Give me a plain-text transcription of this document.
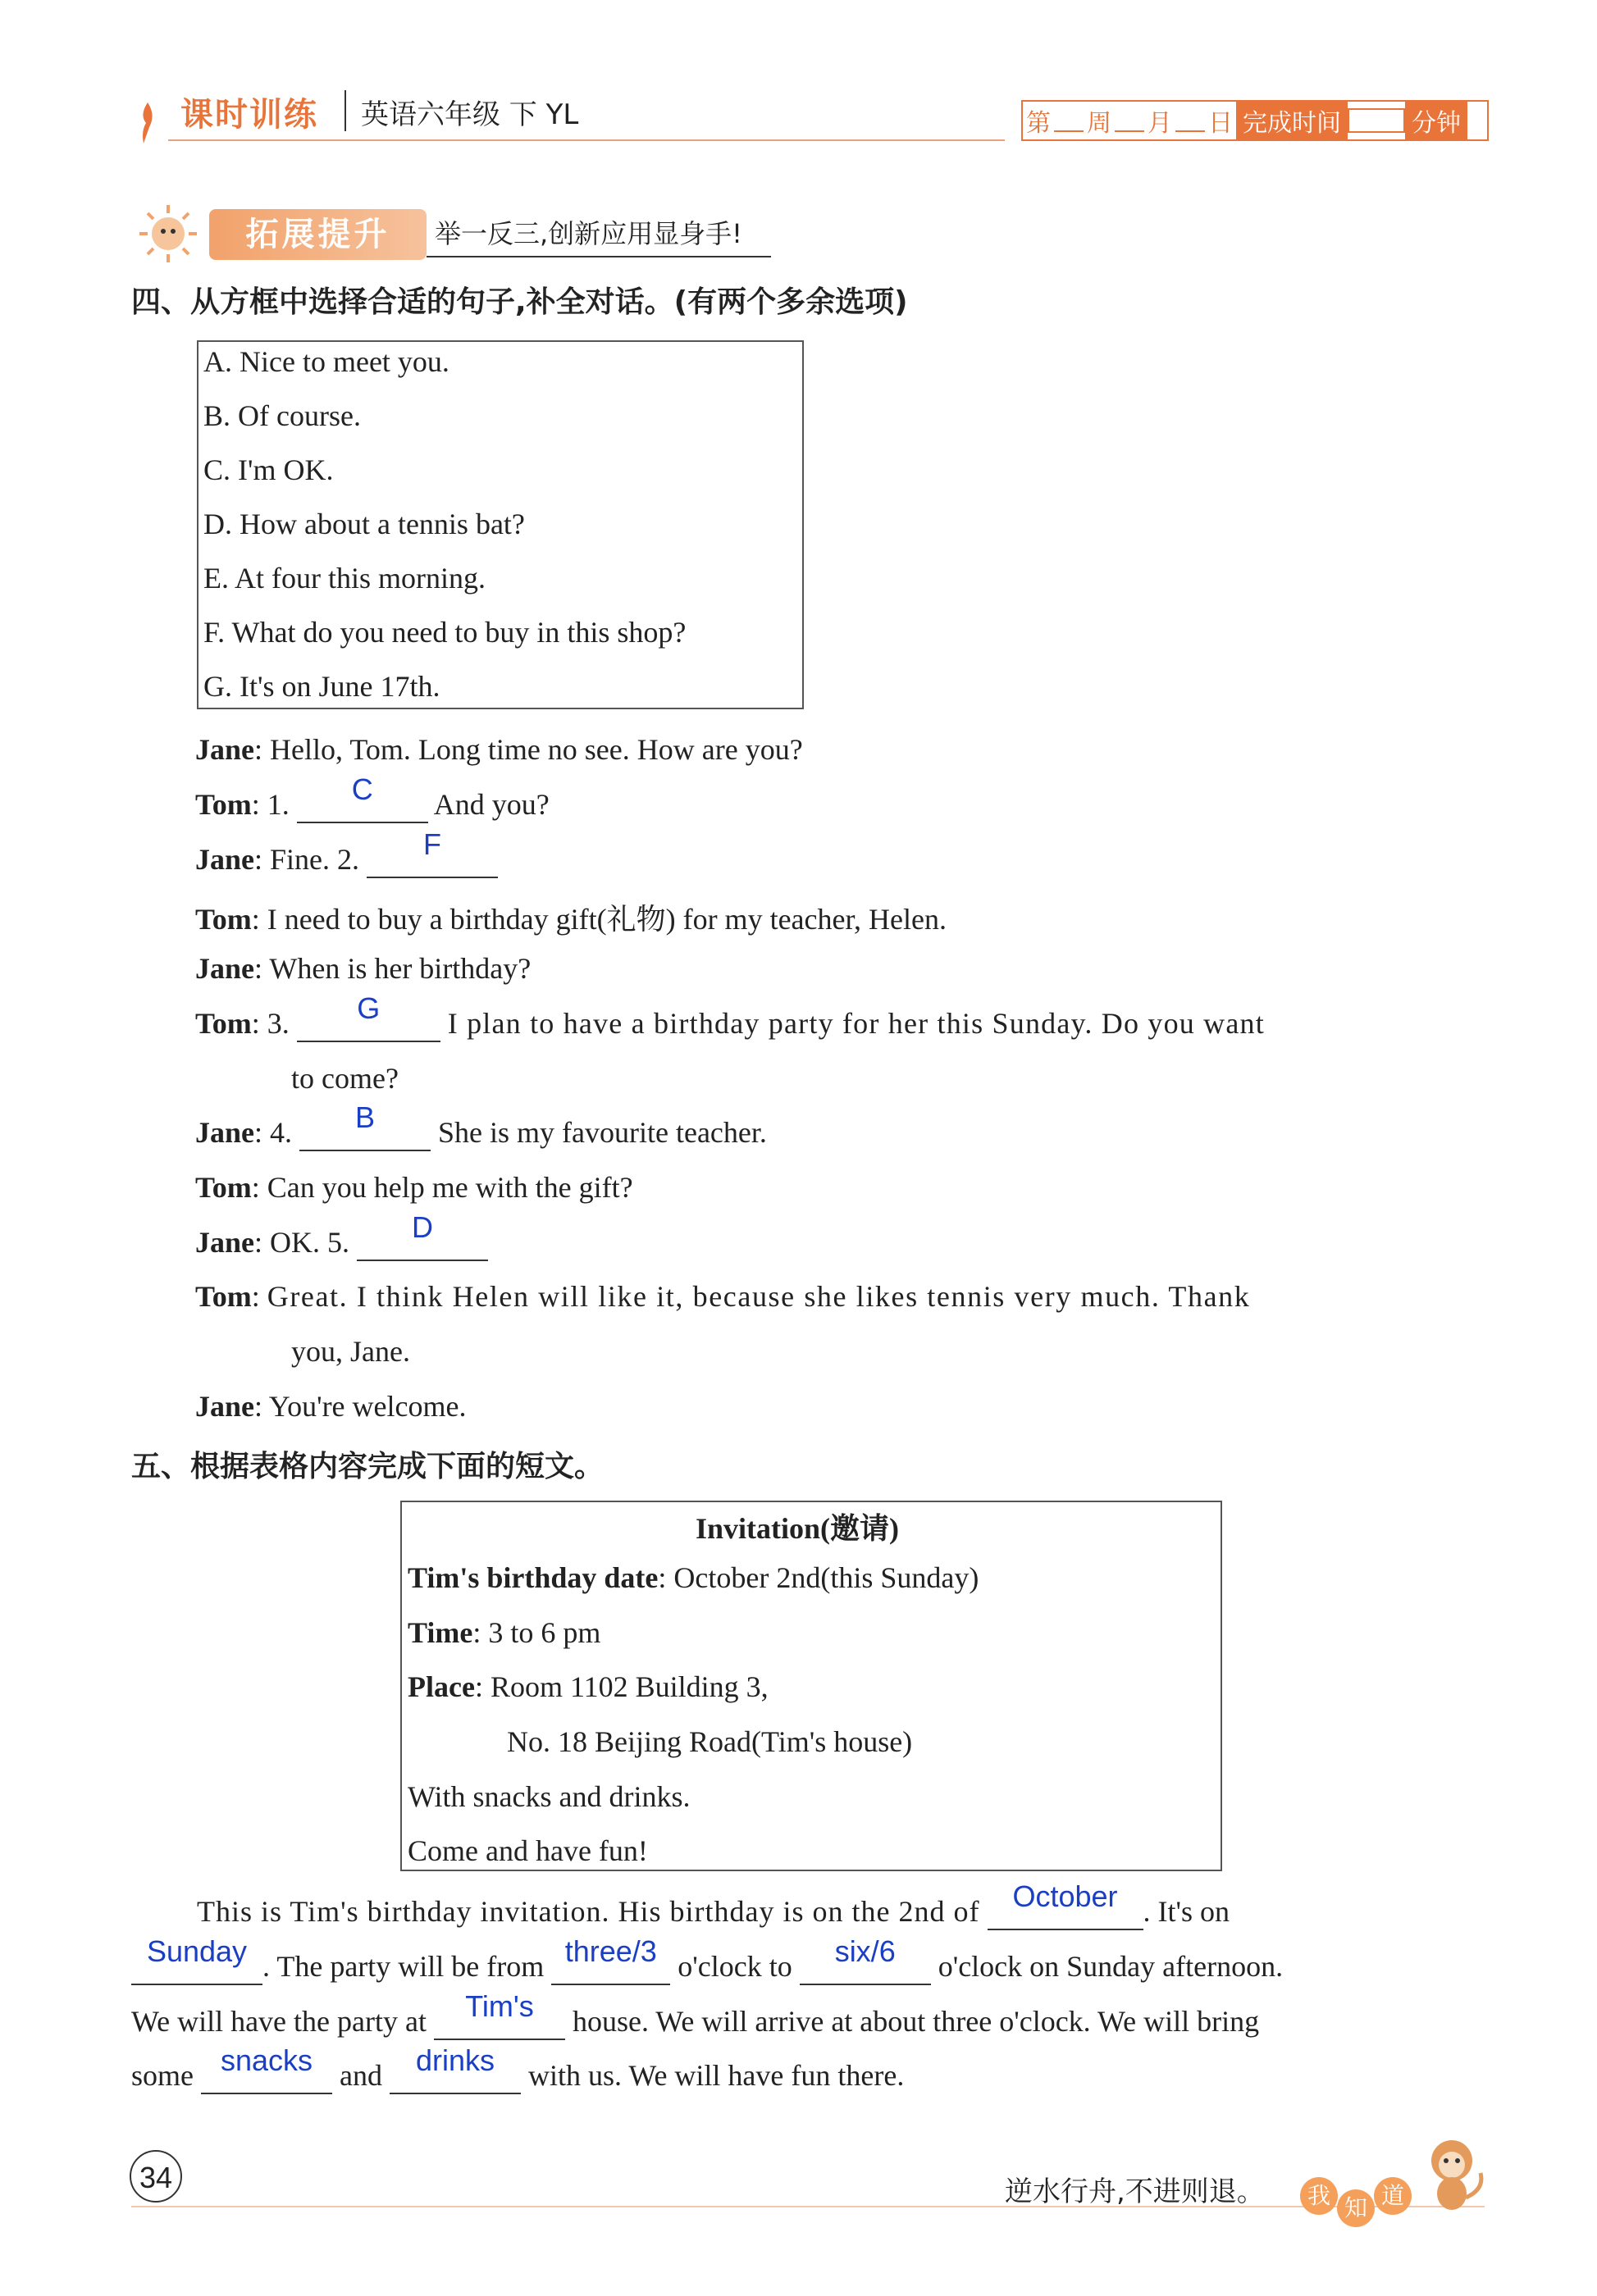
课时训练 英语六年级 下 YL	第 周 月 日 完成时间	分钟
拓展提升	举一反三,创新应用显身手!
四、从方框中选择合适的句子,补全对话。(有两个多余选项)
A. Nice to meet you.
B. Of course.
C. I'm OK.
D. How about a tennis bat?
E. At four this morning.
F. What do you need to buy in this shop?
G. It's on June 17th.
Jane: Hello, Tom. Long time no see. How are you?
Tom: 1. C And you?
Jane: Fine. 2. F
Tom: I need to buy a birthday gift(礼物) for my teacher, Helen.
Jane: When is her birthday?
Tom: 3. G I plan to have a birthday party for her this Sunday. Do you want
to come?
Jane: 4. B She is my favourite teacher.
Tom: Can you help me with the gift?
Jane: OK. 5. D
Tom: Great. I think Helen will like it, because she likes tennis very much. Thank
you, Jane.
Jane: You're welcome.
五、根据表格内容完成下面的短文。
Invitation(邀请)
Tim's birthday date: October 2nd(this Sunday)
Time: 3 to 6 pm
Place: Room 1102 Building 3,
No. 18 Beijing Road(Tim's house)
With snacks and drinks.
Come and have fun!
This is Tim's birthday invitation. His birthday is on the 2nd of October . It's on
Sunday . The party will be from three/3 o'clock to six/6 o'clock on Sunday afternoon.
We will have the party at Tim's house. We will arrive at about three o'clock. We will bring
some snacks and drinks with us. We will have fun there.
34	逆水行舟,不进则退。	我 知 道
